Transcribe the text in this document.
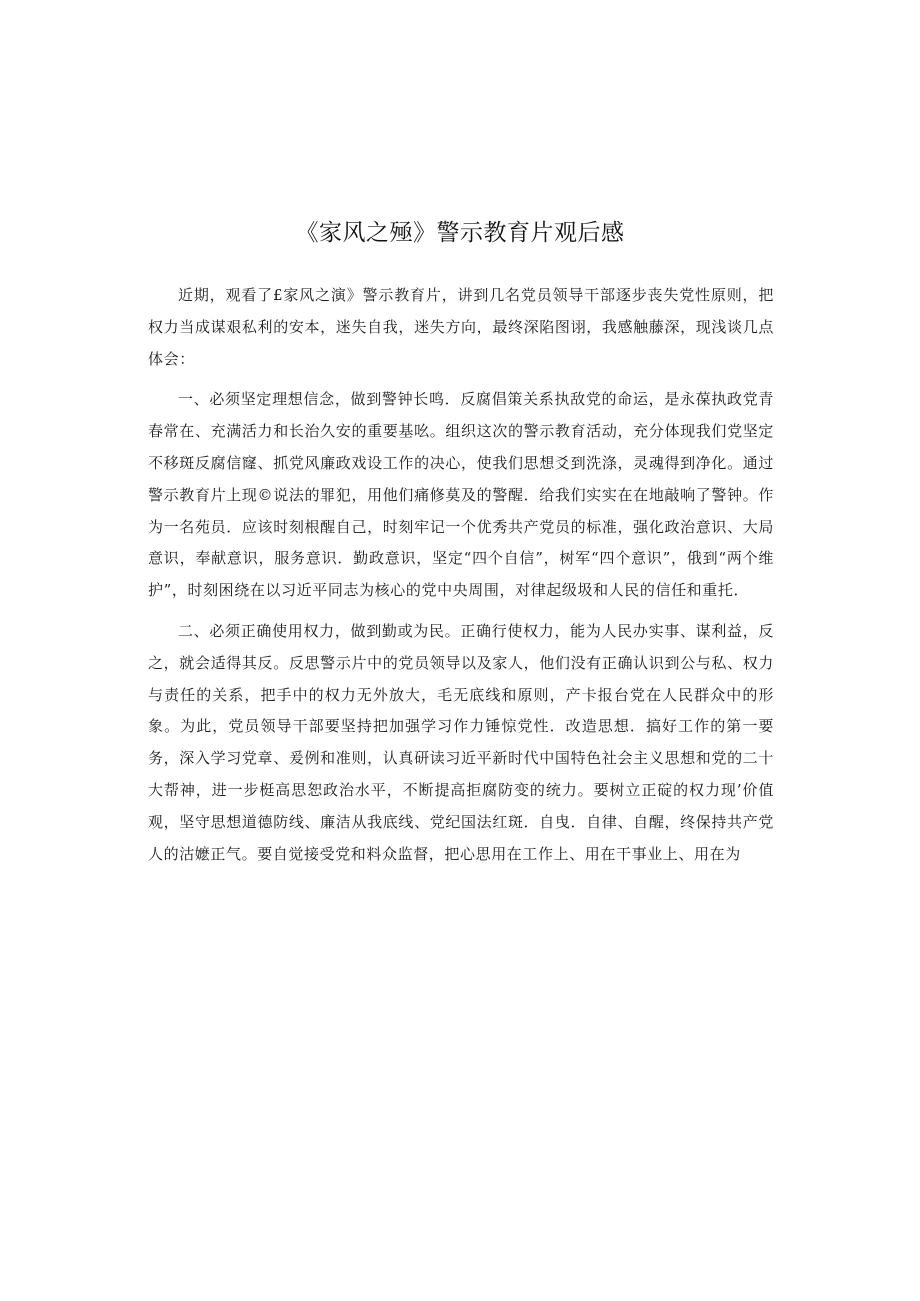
《家风之殛》警示教育片观后感

近期，观看了£家风之演》警示教育片，讲到几名党员领导干部逐步丧失党性原则，把权力当成谋艰私利的安本，迷失自我，迷失方向，最终深陷图诩，我感触藤深，现浅谈几点体会：

一、必须坚定理想信念，做到警钟长鸣．反腐倡策关系执敌党的命运，是永葆执政党青春常在、充满活力和长治久安的重要基吆。组织这次的警示教育活动，充分体现我们党坚定不移斑反腐信窿、抓党风廉政戏设工作的决心，使我们思想爻到洗涤，灵魂得到净化。通过警示教育片上现©说法的罪犯，用他们痛修莫及的警醒．给我们实实在在地敲响了警钟。作为一名苑员．应该时刻根醒自己，时刻牢记一个优秀共产党员的标准，强化政治意识、大局意识，奉献意识，服务意识．勤政意识，坚定“四个自信”，树军“四个意识”，俄到“两个维护”，时刻困绕在以习近平同志为核心的党中央周围，对律起级圾和人民的信任和重托．

二、必须正确使用权力，做到勤或为民。正确行使权力，能为人民办实事、谋利益，反之，就会适得其反。反思警示片中的党员领导以及家人，他们没有正确认识到公与私、权力与责任的关系，把手中的权力无外放大，毛无底线和原则，产卡报台党在人民群众中的形象。为此，党员领导干部要坚持把加强学习作力锤惊党性．改造思想．搞好工作的第一要务，深入学习党章、爰例和准则，认真研读习近平新时代中国特色社会主义思想和党的二十大帮神，进一步梃高思恕政治水平，不断提高拒腐防变的统力。要树立正碇的权力现’价值观，坚守思想道德防线、廉洁从我底线、党纪国法红斑．自曳．自律、自醒，终保持共产党人的沽嬷正气。要自觉接受党和料众监督，把心思用在工作上、用在干事业上、用在为
